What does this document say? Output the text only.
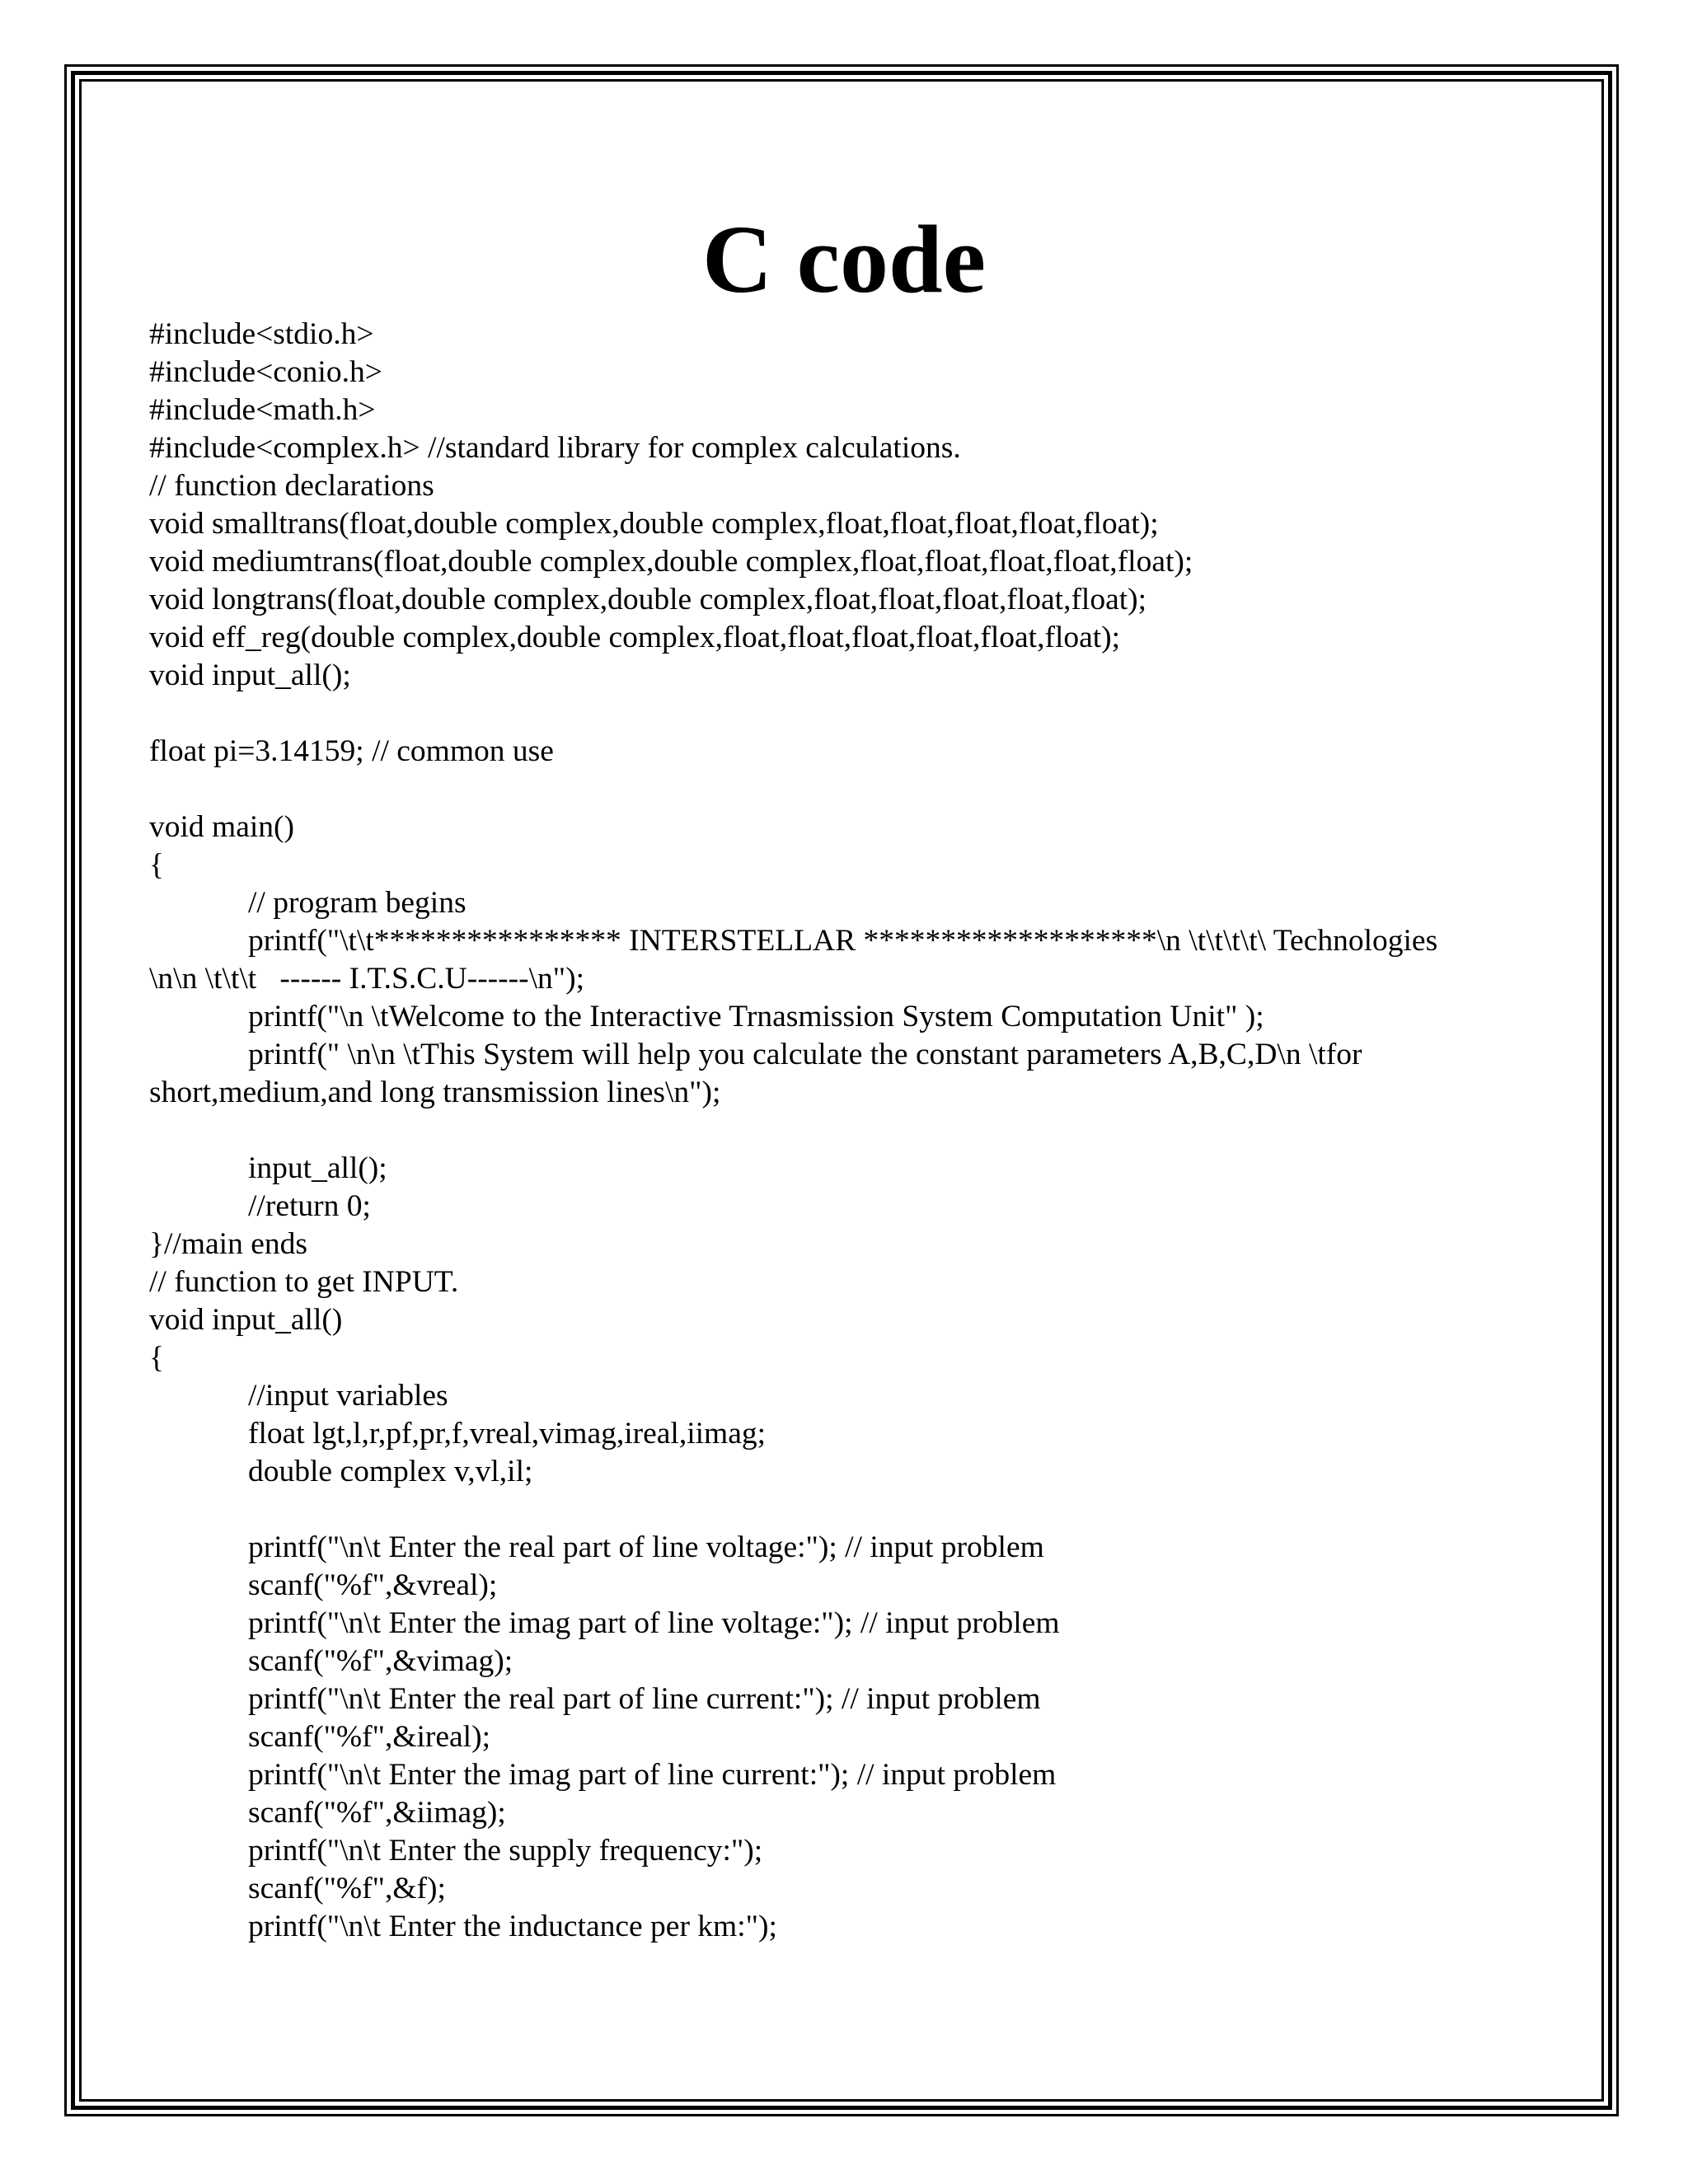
C code
#include<stdio.h>
#include<conio.h>
#include<math.h>
#include<complex.h> //standard library for complex calculations.
// function declarations
void smalltrans(float,double complex,double complex,float,float,float,float,float);
void mediumtrans(float,double complex,double complex,float,float,float,float,float);
void longtrans(float,double complex,double complex,float,float,float,float,float);
void eff_reg(double complex,double complex,float,float,float,float,float,float);
void input_all();
float pi=3.14159; // common use
void main()
{
// program begins
printf("\t\t**************** INTERSTELLAR *******************\n \t\t\t\t\ Technologies
\n\n \t\t\t   ------ I.T.S.C.U------\n");
printf("\n \tWelcome to the Interactive Trnasmission System Computation Unit" );
printf(" \n\n \tThis System will help you calculate the constant parameters A,B,C,D\n \tfor
short,medium,and long transmission lines\n");
input_all();
//return 0;
}//main ends
// function to get INPUT.
void input_all()
{
//input variables
float lgt,l,r,pf,pr,f,vreal,vimag,ireal,iimag;
double complex v,vl,il;
printf("\n\t Enter the real part of line voltage:"); // input problem
scanf("%f",&vreal);
printf("\n\t Enter the imag part of line voltage:"); // input problem
scanf("%f",&vimag);
printf("\n\t Enter the real part of line current:"); // input problem
scanf("%f",&ireal);
printf("\n\t Enter the imag part of line current:"); // input problem
scanf("%f",&iimag);
printf("\n\t Enter the supply frequency:");
scanf("%f",&f);
printf("\n\t Enter the inductance per km:");
